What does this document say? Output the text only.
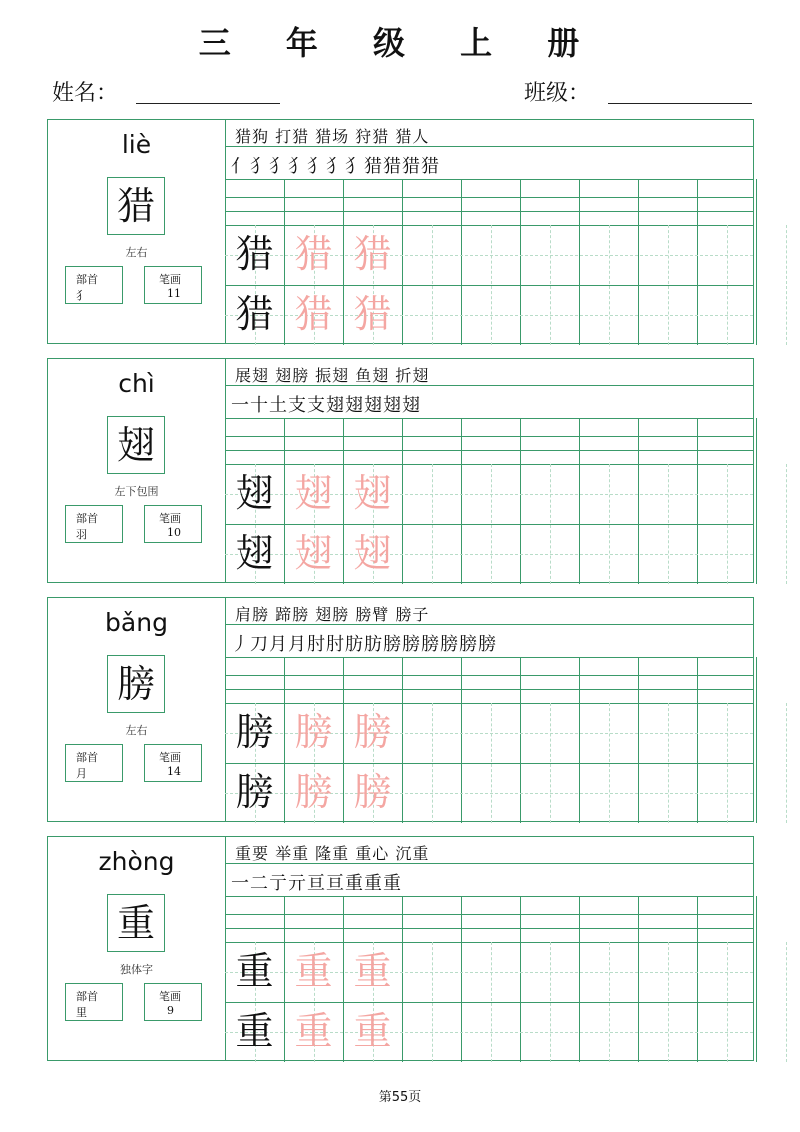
三 年 级 上 册
姓名：	班级：
liè
猎
左右
部首
犭
笔画
11
猎狗 打猎 猎场 狩猎 猎人
亻犭犭犭犭犭犭猎猎猎猎
猎 猎 猎
猎 猎 猎
chì
翅
左下包围
部首
羽
笔画
10
展翅 翅膀 振翅 鱼翅 折翅
一十土支支翅翅翅翅翅
翅 翅 翅
翅 翅 翅
bǎng
膀
左右
部首
月
笔画
14
肩膀 蹄膀 翅膀 膀臂 膀子
丿刀月月肘肘肪肪膀膀膀膀膀膀
膀 膀 膀
膀 膀 膀
zhòng
重
独体字
部首
里
笔画
9
重要 举重 隆重 重心 沉重
一二亍亓亘亘重重重
重 重 重
重 重 重
第55页
